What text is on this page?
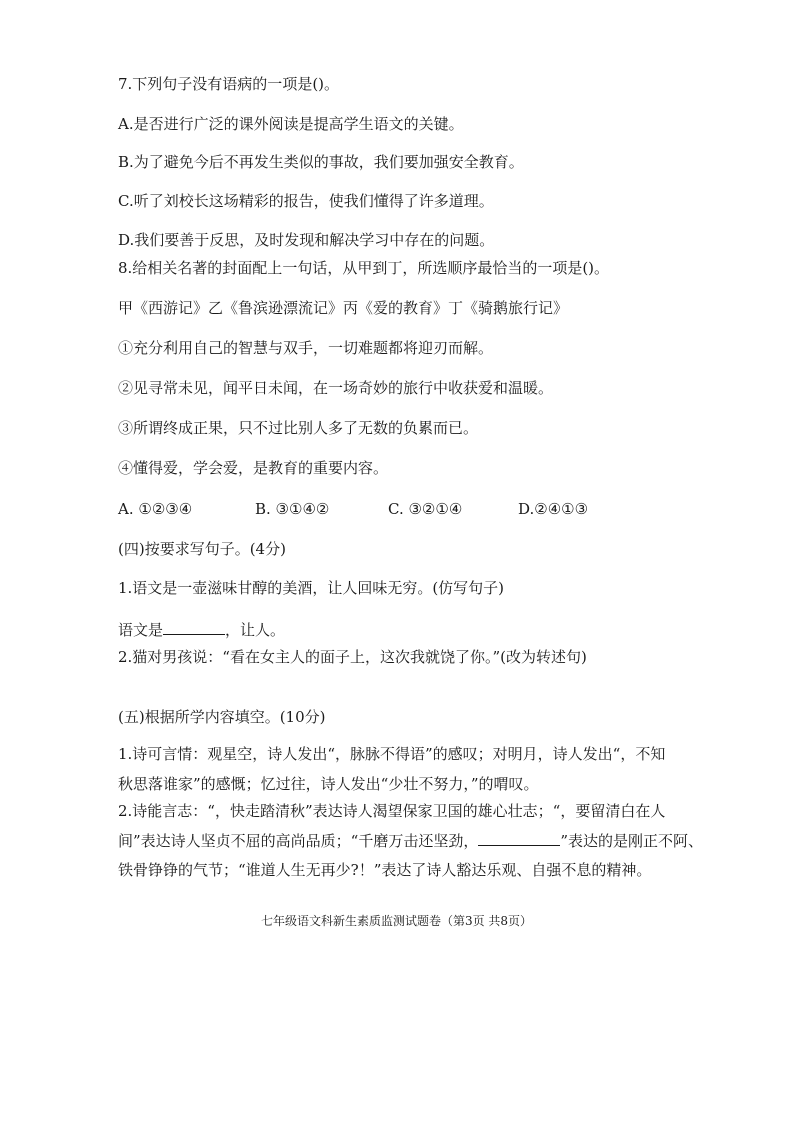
7.下列句子没有语病的一项是()。
A.是否进行广泛的课外阅读是提高学生语文的关键。
B.为了避免今后不再发生类似的事故，我们要加强安全教育。
C.听了刘校长这场精彩的报告，使我们懂得了许多道理。
D.我们要善于反思，及时发现和解决学习中存在的问题。
8.给相关名著的封面配上一句话，从甲到丁，所选顺序最恰当的一项是()。
甲《西游记》乙《鲁滨逊漂流记》丙《爱的教育》丁《骑鹅旅行记》
①充分利用自己的智慧与双手，一切难题都将迎刃而解。
②见寻常未见，闻平日未闻，在一场奇妙的旅行中收获爱和温暖。
③所谓终成正果，只不过比别人多了无数的负累而已。
④懂得爱，学会爱，是教育的重要内容。
A. ①②③④	B. ③①④②	C. ③②①④	D.②④①③
(四)按要求写句子。(4分)
1.语文是一壶滋味甘醇的美酒，让人回味无穷。(仿写句子)
语文是	，让人。
2.猫对男孩说：“看在女主人的面子上，这次我就饶了你。”(改为转述句)
(五)根据所学内容填空。(10分)
1.诗可言情：观星空，诗人发出“，脉脉不得语”的感叹；对明月，诗人发出“，不知
秋思落谁家”的感慨；忆过往，诗人发出“少壮不努力，”的喟叹。
2.诗能言志：“，快走踏清秋”表达诗人渴望保家卫国的雄心壮志；“，要留清白在人
间”表达诗人坚贞不屈的高尚品质；“千磨万击还坚劲，	”表达的是刚正不阿、
铁骨铮铮的气节；“谁道人生无再少?！”表达了诗人豁达乐观、自强不息的精神。
七年级语文科新生素质监测试题卷（第3页 共8页）
